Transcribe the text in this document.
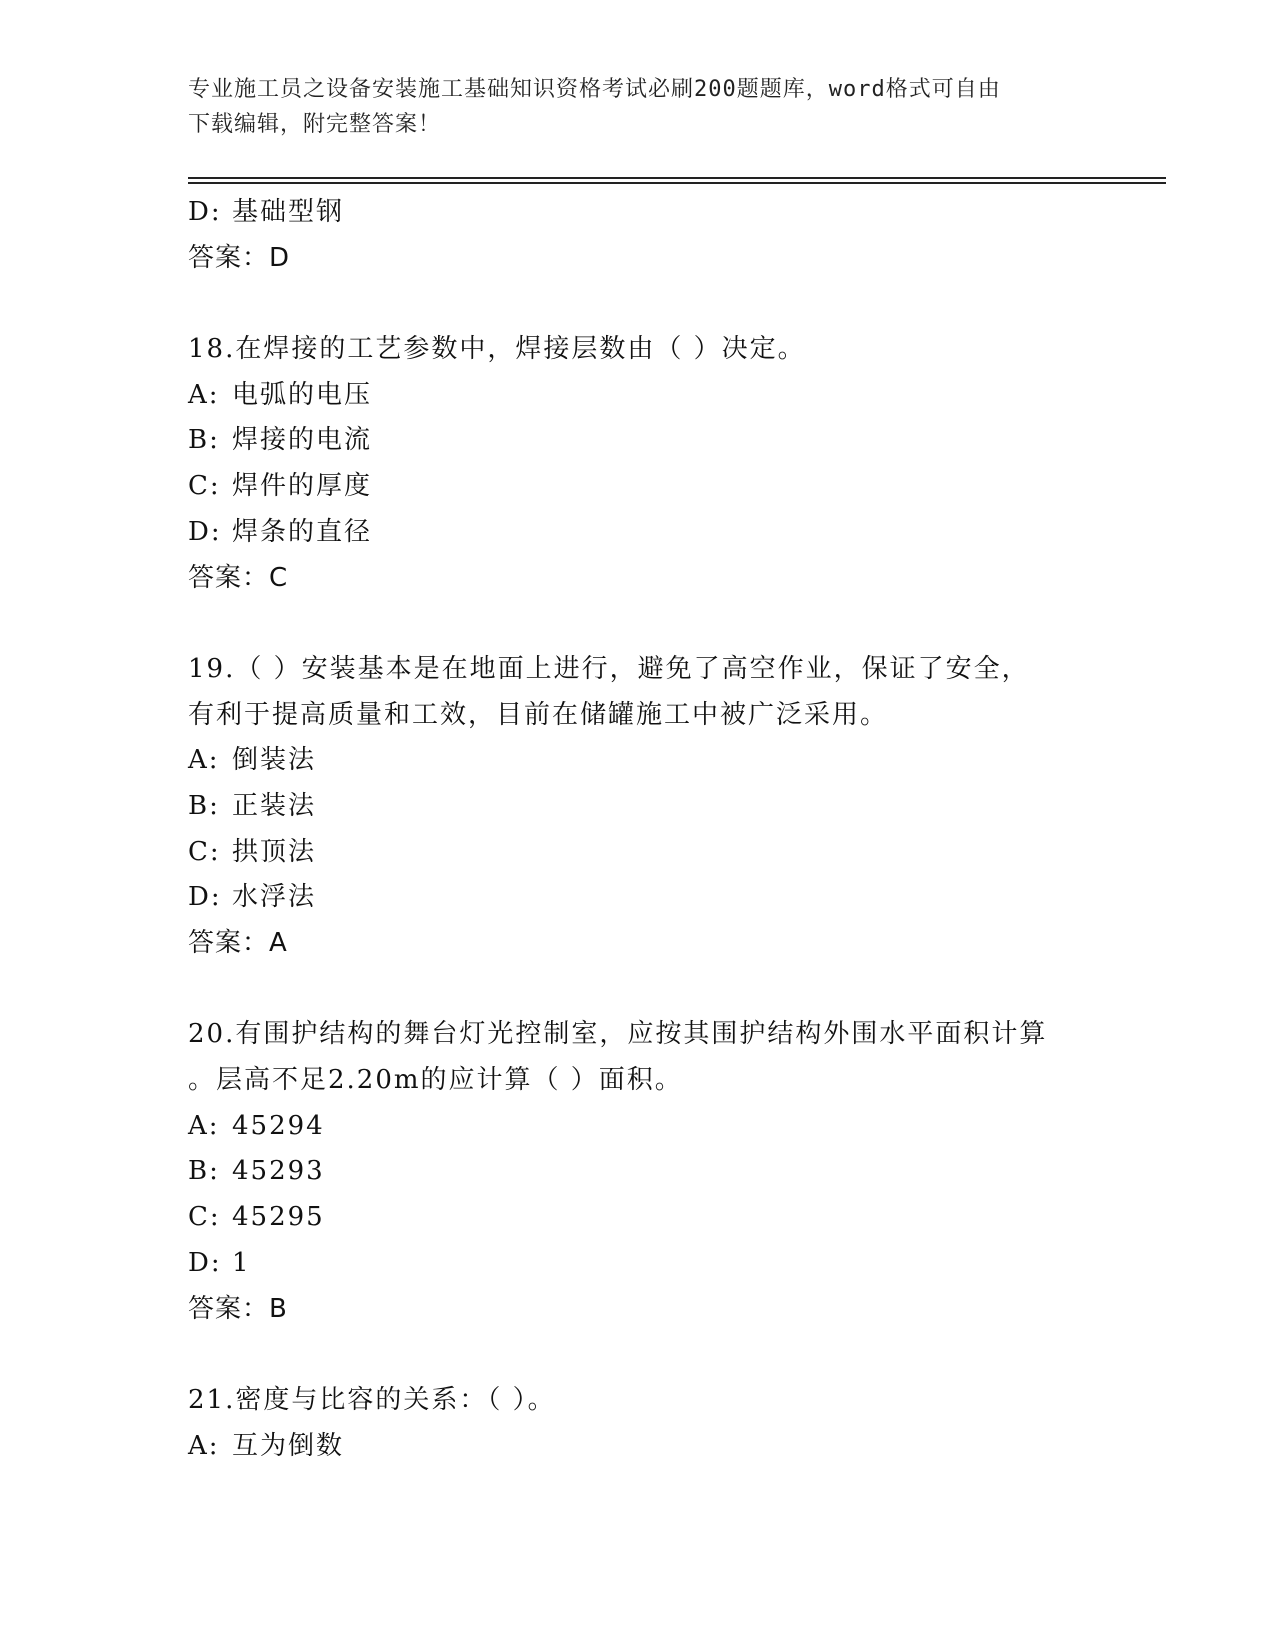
专业施工员之设备安装施工基础知识资格考试必刷200题题库，word格式可自由
下载编辑，附完整答案！
D: 基础型钢
答案：D
18.在焊接的工艺参数中，焊接层数由（ ）决定。
A: 电弧的电压
B: 焊接的电流
C: 焊件的厚度
D: 焊条的直径
答案：C
19.（ ）安装基本是在地面上进行，避免了高空作业，保证了安全，
有利于提高质量和工效，目前在储罐施工中被广泛采用。
A: 倒装法
B: 正装法
C: 拱顶法
D: 水浮法
答案：A
20.有围护结构的舞台灯光控制室，应按其围护结构外围水平面积计算
。层高不足2.20m的应计算（ ）面积。
A: 45294
B: 45293
C: 45295
D: 1
答案：B
21.密度与比容的关系：（ ）。
A: 互为倒数
